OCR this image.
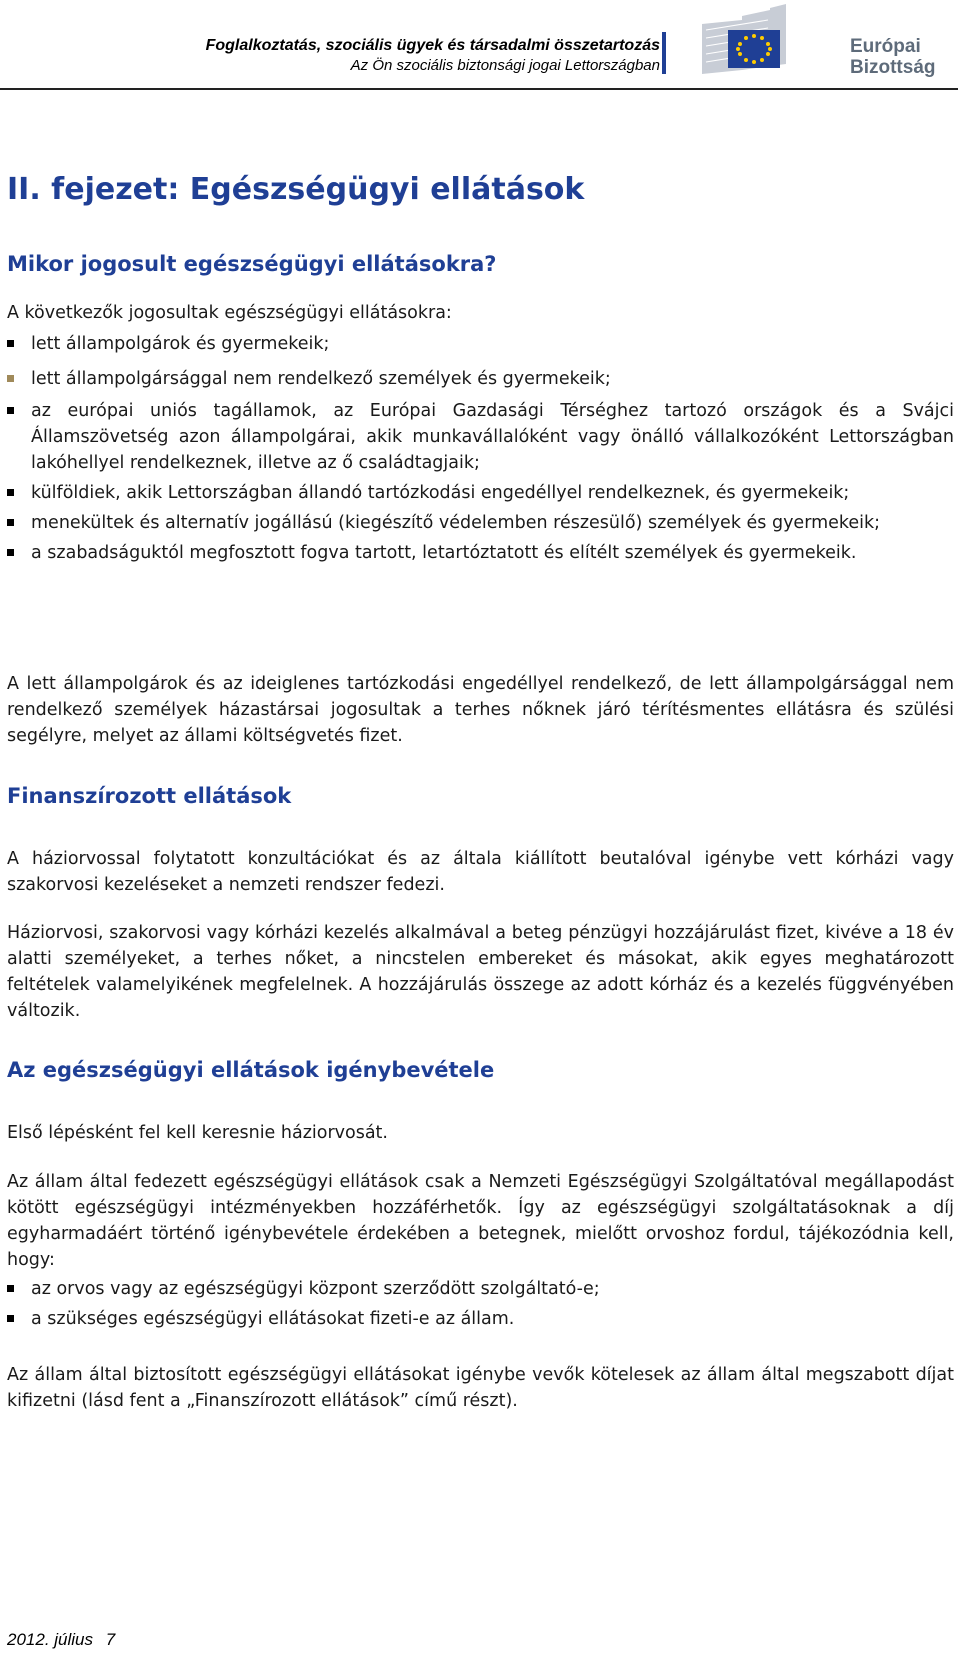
Foglalkoztatás, szociális ügyek és társadalmi összetartozás
Az Ön szociális biztonsági jogai Lettországban
Európai
Bizottság
II. fejezet: Egészségügyi ellátások
Mikor jogosult egészségügyi ellátásokra?

A következők jogosultak egészségügyi ellátásokra:

lett állampolgárok és gyermekeik;
lett állampolgársággal nem rendelkező személyek és gyermekeik;
az európai uniós tagállamok, az Európai Gazdasági Térséghez tartozó országok és a Svájci Államszövetség azon állampolgárai, akik munkavállalóként vagy önálló vállalkozóként Lettországban lakóhellyel rendelkeznek, illetve az ő családtagjaik;
külföldiek, akik Lettországban állandó tartózkodási engedéllyel rendelkeznek, és gyermekeik;
menekültek és alternatív jogállású (kiegészítő védelemben részesülő) személyek és gyermekeik;
a szabadságuktól megfosztott fogva tartott, letartóztatott és elítélt személyek és gyermekeik.

A lett állampolgárok és az ideiglenes tartózkodási engedéllyel rendelkező, de lett állampolgársággal nem rendelkező személyek házastársai jogosultak a terhes nőknek járó térítésmentes ellátásra és szülési segélyre, melyet az állami költségvetés fizet.

Finanszírozott ellátások

A háziorvossal folytatott konzultációkat és az általa kiállított beutalóval igénybe vett kórházi vagy szakorvosi kezeléseket a nemzeti rendszer fedezi.

Háziorvosi, szakorvosi vagy kórházi kezelés alkalmával a beteg pénzügyi hozzájárulást fizet, kivéve a 18 év alatti személyeket, a terhes nőket, a nincstelen embereket és másokat, akik egyes meghatározott feltételek valamelyikének megfelelnek. A hozzájárulás összege az adott kórház és a kezelés függvényében változik.

Az egészségügyi ellátások igénybevétele

Első lépésként fel kell keresnie háziorvosát.

Az állam által fedezett egészségügyi ellátások csak a Nemzeti Egészségügyi Szolgáltatóval megállapodást kötött egészségügyi intézményekben hozzáférhetők. Így az egészségügyi szolgáltatásoknak a díj egyharmadáért történő igénybevétele érdekében a betegnek, mielőtt orvoshoz fordul, tájékozódnia kell, hogy:

az orvos vagy az egészségügyi központ szerződött szolgáltató-e;
a szükséges egészségügyi ellátásokat fizeti-e az állam.

Az állam által biztosított egészségügyi ellátásokat igénybe vevők kötelesek az állam által megszabott díjat kifizetni (lásd fent a „Finanszírozott ellátások” című részt).

2012. július 7
